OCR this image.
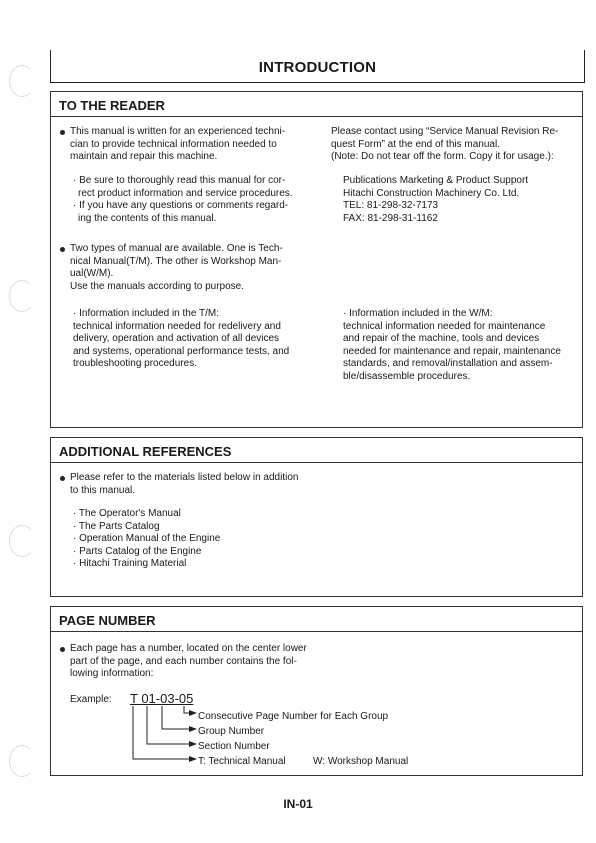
INTRODUCTION
TO THE READER
This manual is written for an experienced techni-
cian to provide technical information needed to
maintain and repair this machine.
· Be sure to thoroughly read this manual for cor-
rect product information and service procedures.
· If you have any questions or comments regard-
ing the contents of this manual.
Two types of manual are available. One is Tech-
nical Manual(T/M). The other is Workshop Man-
ual(W/M).
Use the manuals according to purpose.
· Information included in the T/M:
technical information needed for redelivery and
delivery, operation and activation of all devices
and systems, operational performance tests, and
troubleshooting procedures.
Please contact using “Service Manual Revision Re-
quest Form” at the end of this manual.
(Note: Do not tear off the form. Copy it for usage.):
Publications Marketing & Product Support
Hitachi Construction Machinery Co. Ltd.
TEL: 81-298-32-7173
FAX: 81-298-31-1162
· Information included in the W/M:
technical information needed for maintenance
and repair of the machine, tools and devices
needed for maintenance and repair, maintenance
standards, and removal/installation and assem-
ble/disassemble procedures.
ADDITIONAL REFERENCES
Please refer to the materials listed below in addition
to this manual.
· The Operator's Manual
· The Parts Catalog
· Operation Manual of the Engine
· Parts Catalog of the Engine
· Hitachi Training Material
PAGE NUMBER
Each page has a number, located on the center lower
part of the page, and each number contains the fol-
lowing information:
Example: T 01-03-05
Consecutive Page Number for Each Group
Group Number
Section Number
T: Technical Manual	W: Workshop Manual
IN-01
